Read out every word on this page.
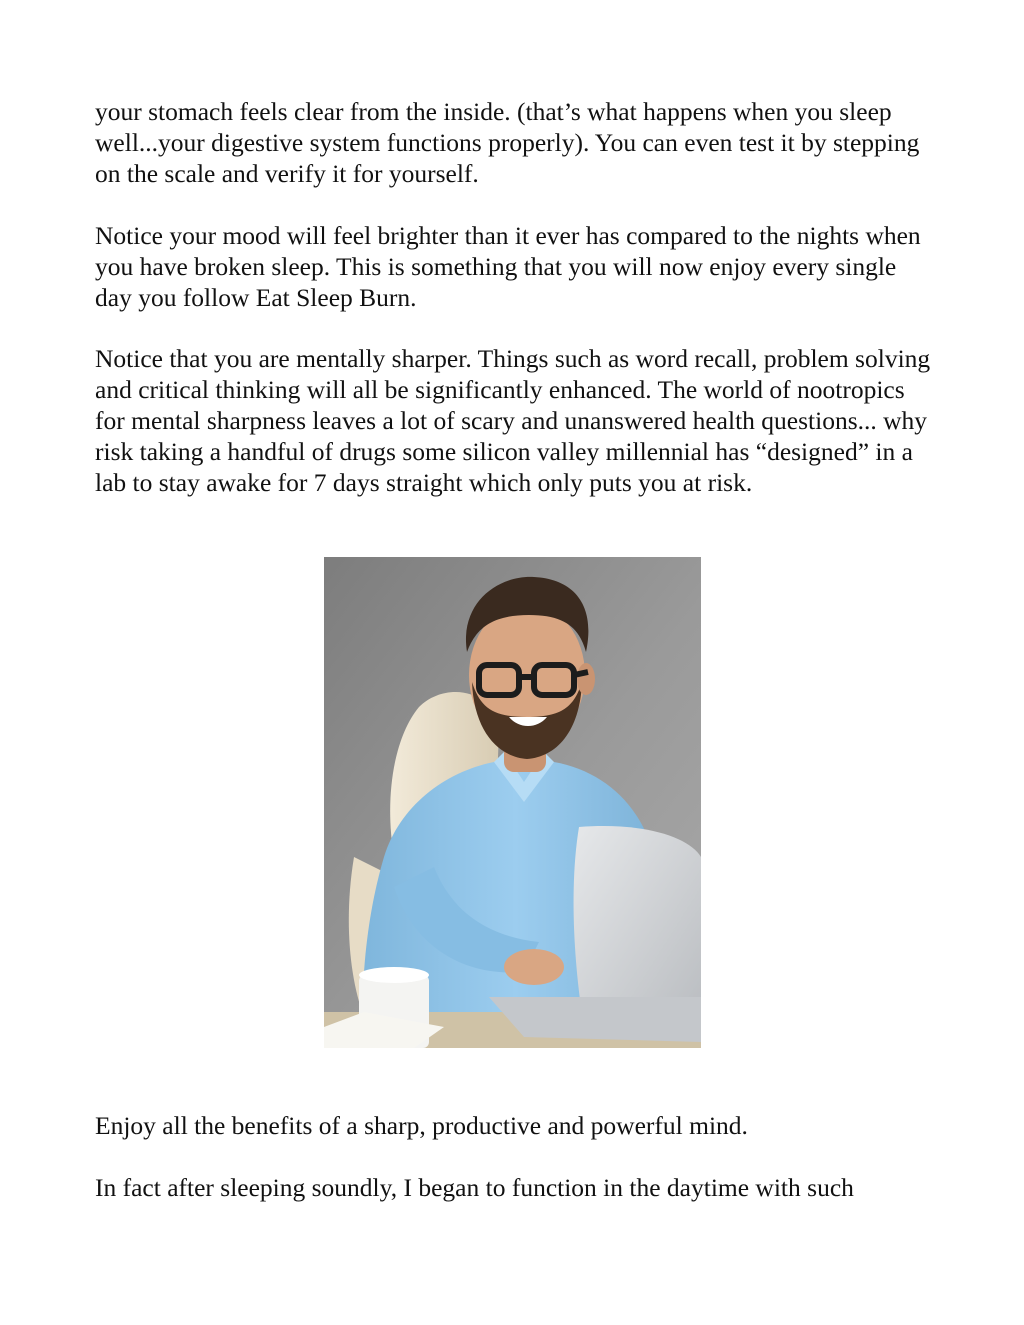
your stomach feels clear from the inside. (that’s what happens when you sleep well...your digestive system functions properly). You can even test it by stepping on the scale and verify it for yourself.

Notice your mood will feel brighter than it ever has compared to the nights when you have broken sleep. This is something that you will now enjoy every single day you follow Eat Sleep Burn.

Notice that you are mentally sharper. Things such as word recall, problem solving and critical thinking will all be significantly enhanced. The world of nootropics for mental sharpness leaves a lot of scary and unanswered health questions... why risk taking a handful of drugs some silicon valley millennial has “designed” in a lab to stay awake for 7 days straight which only puts you at risk.

Enjoy all the benefits of a sharp, productive and powerful mind.

In fact after sleeping soundly, I began to function in the daytime with such
